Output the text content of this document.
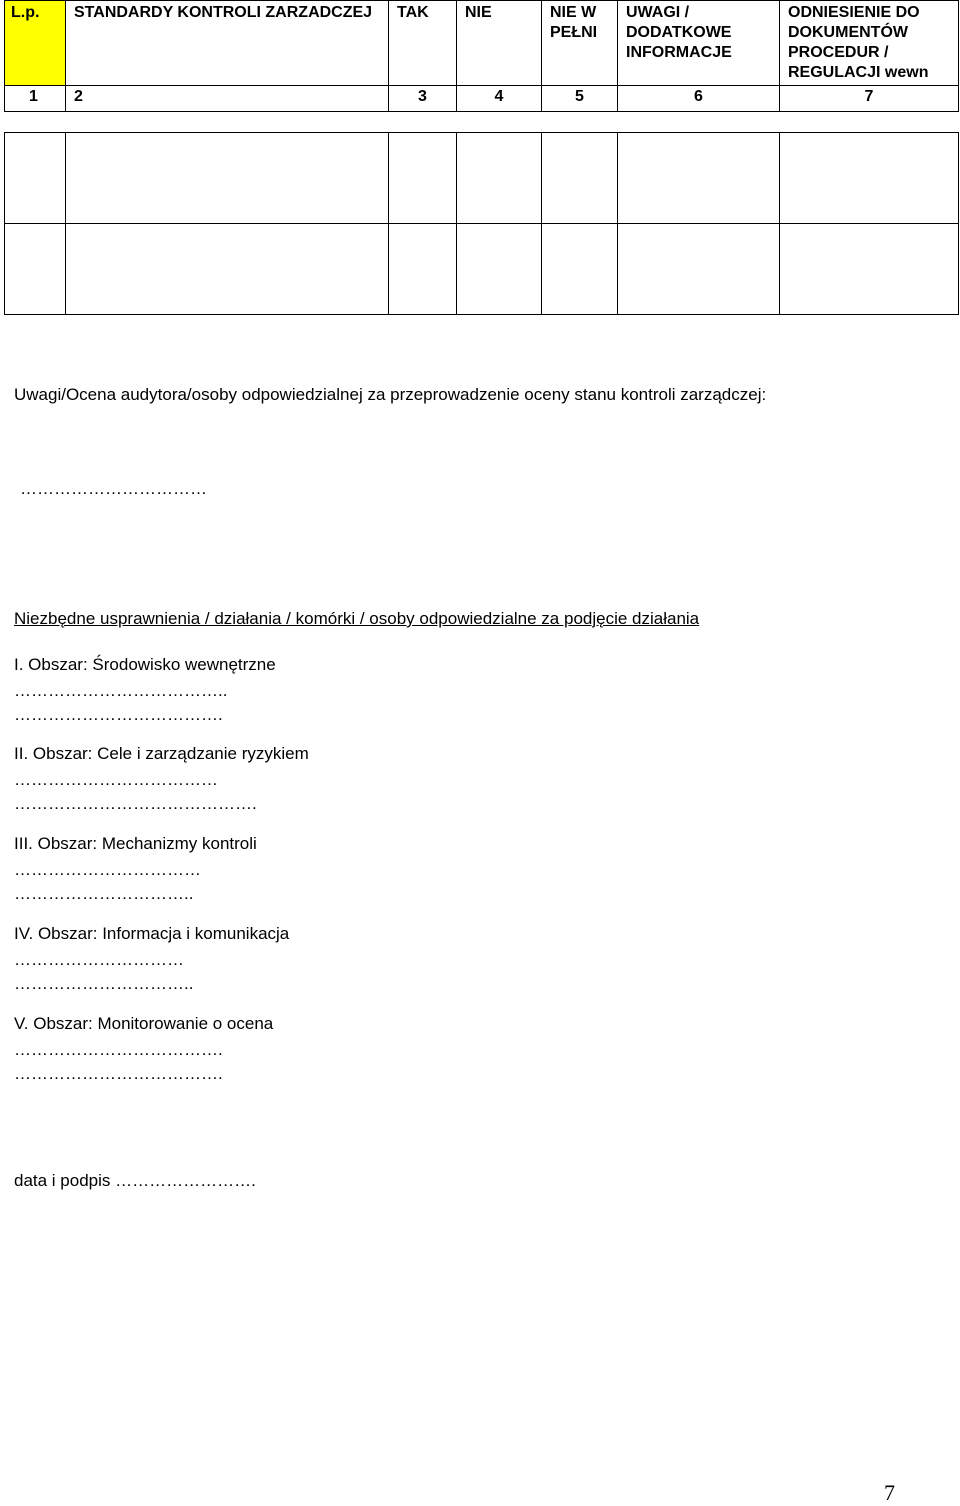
L.p.	STANDARDY KONTROLI ZARZADCZEJ	TAK	NIE	NIE W PEŁNI	UWAGI / DODATKOWE INFORMACJE	ODNIESIENIE DO DOKUMENTÓW PROCEDUR / REGULACJI wewn
1	2	3	4	5	6	7

Uwagi/Ocena audytora/osoby odpowiedzialnej za przeprowadzenie oceny stanu kontroli zarządczej:
……………………………
Niezbędne usprawnienia / działania / komórki / osoby odpowiedzialne za podjęcie działania
I. Obszar: Środowisko wewnętrzne
………………………………..
……………………………….
II. Obszar: Cele i zarządzanie ryzykiem
………………………………
…………………………………….
III. Obszar: Mechanizmy kontroli
……………………………
…………………………..
IV. Obszar: Informacja i komunikacja
…………………………
…………………………..
V. Obszar: Monitorowanie o ocena
……………………………….
……………………………….
data i podpis …………………….
7
